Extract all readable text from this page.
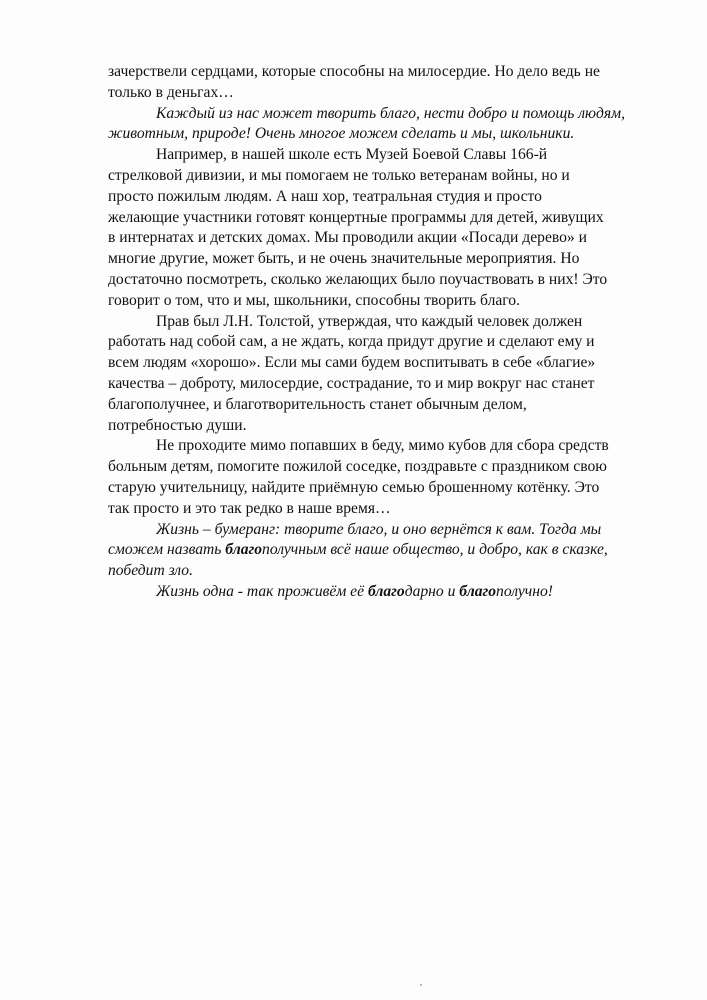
зачерствели сердцами, которые способны на милосердие. Но дело ведь не
только в деньгах…
Каждый из нас может творить благо, нести добро и помощь людям,
животным, природе! Очень многое можем сделать и мы, школьники.
Например, в нашей школе есть Музей Боевой Славы 166-й
стрелковой дивизии, и мы помогаем не только ветеранам войны, но и
просто пожилым людям. А наш хор, театральная студия и просто
желающие участники готовят концертные программы для детей, живущих
в интернатах и детских домах. Мы проводили акции «Посади дерево» и
многие другие, может быть, и не очень значительные мероприятия. Но
достаточно посмотреть, сколько желающих было поучаствовать в них! Это
говорит о том, что и мы, школьники, способны творить благо.
Прав был Л.Н. Толстой, утверждая, что каждый человек должен
работать над собой сам, а не ждать, когда придут другие и сделают ему и
всем людям «хорошо». Если мы сами будем воспитывать в себе «благие»
качества – доброту, милосердие, сострадание, то и мир вокруг нас станет
благополучнее, и благотворительность станет обычным делом,
потребностью души.
Не проходите мимо попавших в беду, мимо кубов для сбора средств
больным детям, помогите пожилой соседке, поздравьте с праздником свою
старую учительницу, найдите приёмную семью брошенному котёнку. Это
так просто и это так редко в наше время…
Жизнь – бумеранг: творите благо, и оно вернётся к вам. Тогда мы
сможем назвать благополучным всё наше общество, и добро, как в сказке,
победит зло.
Жизнь одна - так проживём её благодарно и благополучно!
